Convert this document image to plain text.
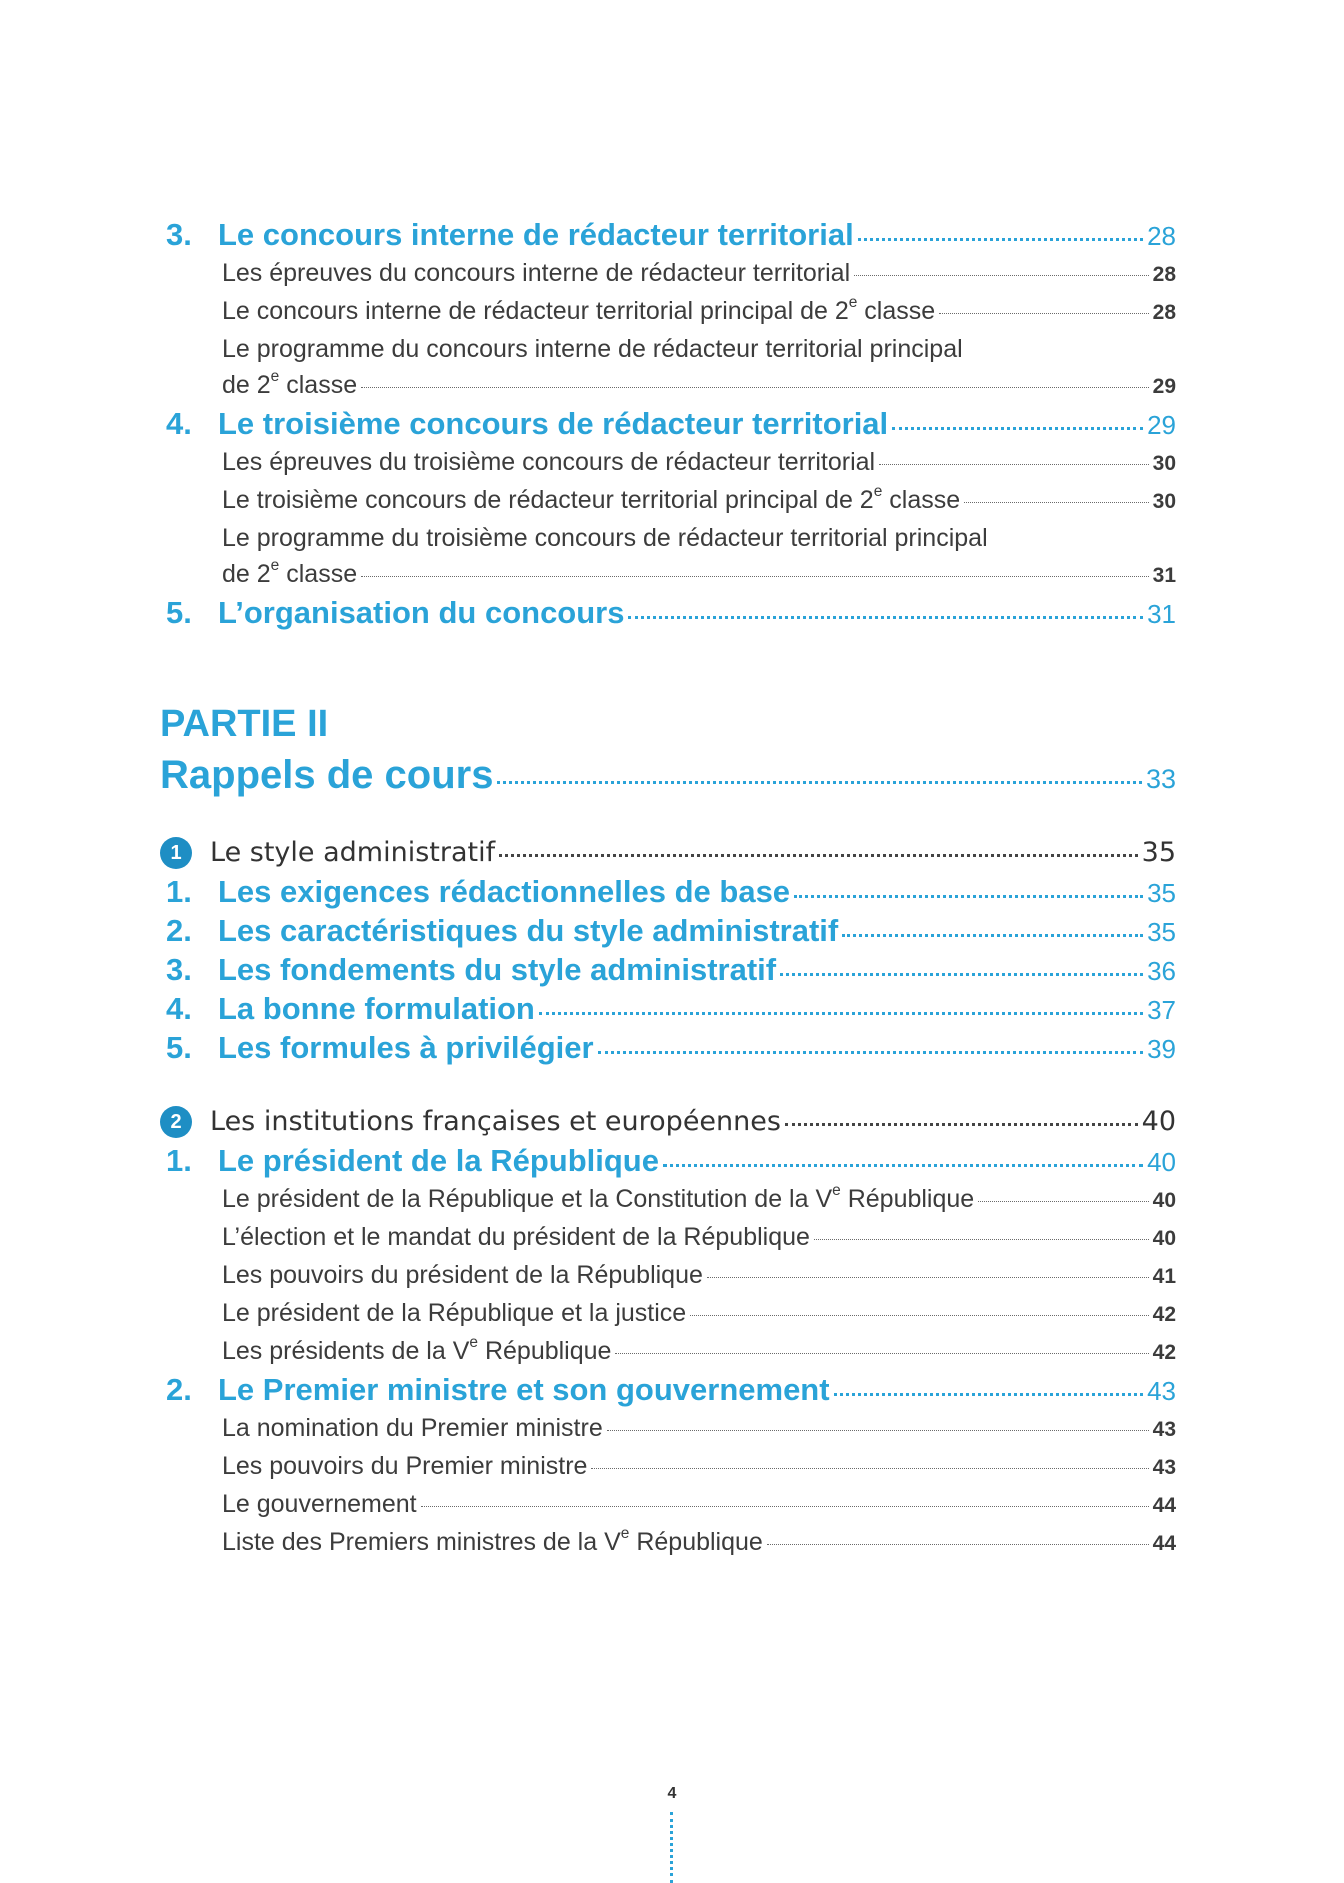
3. Le concours interne de rédacteur territorial	28
Les épreuves du concours interne de rédacteur territorial	28
Le concours interne de rédacteur territorial principal de 2e classe	28
Le programme du concours interne de rédacteur territorial principal
de 2e classe	29
4. Le troisième concours de rédacteur territorial	29
Les épreuves du troisième concours de rédacteur territorial	30
Le troisième concours de rédacteur territorial principal de 2e classe	30
Le programme du troisième concours de rédacteur territorial principal
de 2e classe	31
5. L’organisation du concours	31
PARTIE II
Rappels de cours	33
1	Le style administratif	35
1. Les exigences rédactionnelles de base	35
2. Les caractéristiques du style administratif	35
3. Les fondements du style administratif	36
4. La bonne formulation	37
5. Les formules à privilégier	39
2	Les institutions françaises et européennes	40
1. Le président de la République	40
Le président de la République et la Constitution de la Ve République	40
L’élection et le mandat du président de la République	40
Les pouvoirs du président de la République	41
Le président de la République et la justice	42
Les présidents de la Ve République	42
2. Le Premier ministre et son gouvernement	43
La nomination du Premier ministre	43
Les pouvoirs du Premier ministre	43
Le gouvernement	44
Liste des Premiers ministres de la Ve République	44
4
